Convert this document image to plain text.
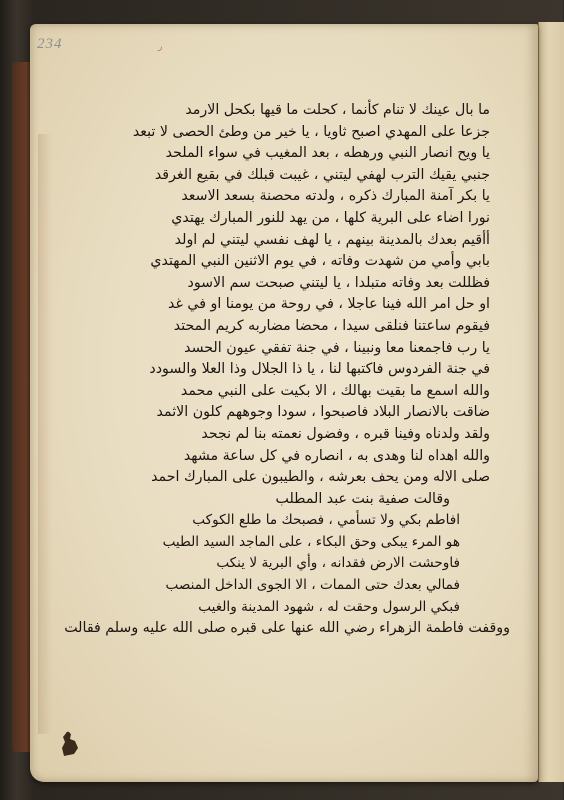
234	ر
ما بال عينك لا تنام كأنما ، كحلت ما قيها بكحل الارمد
جزعا على المهدي اصبح ثاويا ، يا خير من وطئ الحصى لا تبعد
يا ويح انصار النبي ورهطه ، بعد المغيب في سواء الملحد
جنبي يقيك الترب لهفي ليتني ، غيبت قبلك في بقيع الغرقد
يا بكر آمنة المبارك ذكره ، ولدته محصنة بسعد الاسعد
نورا اضاء على البرية كلها ، من يهد للنور المبارك يهتدي
أأقيم بعدك بالمدينة بينهم ، يا لهف نفسي ليتني لم اولد
بابي وأمي من شهدت وفاته ، في يوم الاثنين النبي المهتدي
فظللت بعد وفاته متبلدا ، يا ليتني صبحت سم الاسود
او حل امر الله فينا عاجلا ، في روحة من يومنا او في غد
فيقوم ساعتنا فنلقى سيدا ، محضا مضاربه كريم المحتد
يا رب فاجمعنا معا ونبينا ، في جنة تفقي عيون الحسد
في جنة الفردوس فاكتبها لنا ، يا ذا الجلال وذا العلا والسودد
والله اسمع ما بقيت بهالك ، الا بكيت على النبي محمد
ضاقت بالانصار البلاد فاصبحوا ، سودا وجوههم كلون الاثمد
ولقد ولدناه وفينا قبره ، وفضول نعمته بنا لم نجحد
والله اهداه لنا وهدى به ، انصاره في كل ساعة مشهد
صلى الاله ومن يحف بعرشه ، والطيبون على المبارك احمد
وقالت صفية بنت عبد المطلب
افاطم بكي ولا تسأمي ، فصبحك ما طلع الكوكب
هو المرء يبكى وحق البكاء ، على الماجد السيد الطيب
فاوحشت الارض فقدانه ، وأي البرية لا ينكب
فمالي بعدك حتى الممات ، الا الجوى الداخل المنصب
فبكي الرسول وحقت له ، شهود المدينة والغيب
ووقفت فاطمة الزهراء رضي الله عنها على قبره صلى الله عليه وسلم فقالت
